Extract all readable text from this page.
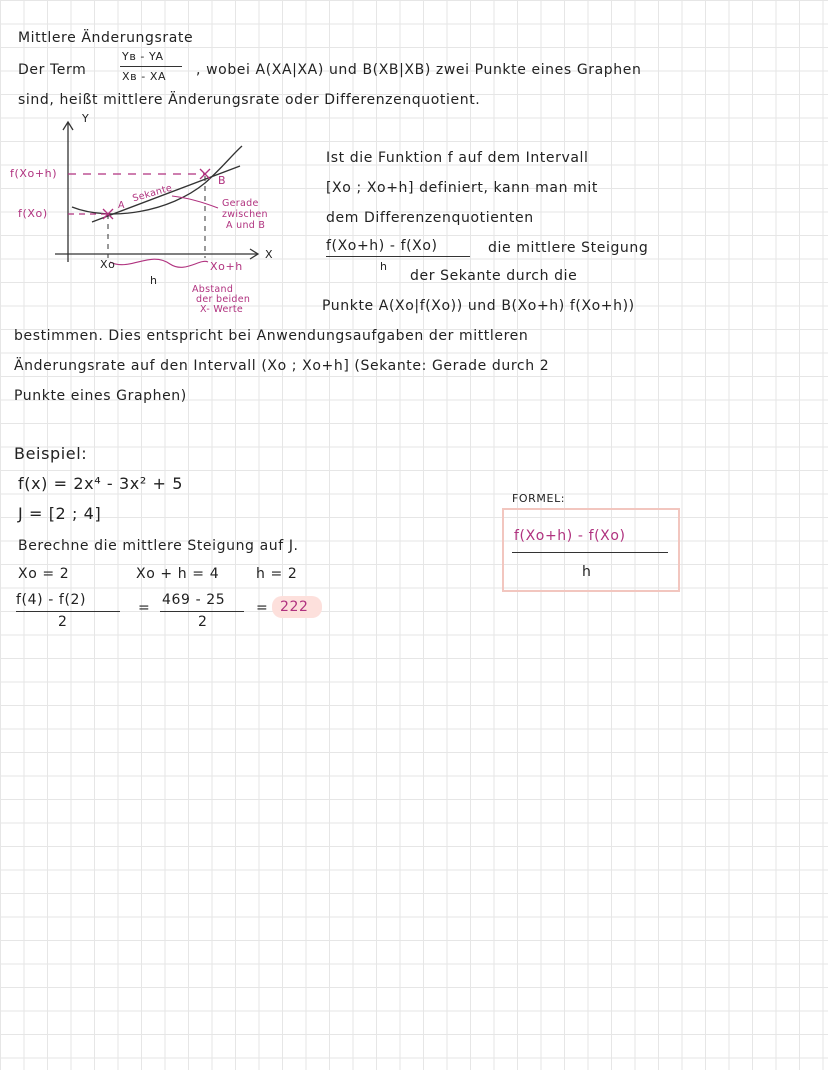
Mittlere Änderungsrate
Der Term
Yʙ - YA
Xʙ - XA , wobei A(XA|XA) und B(XB|XB) zwei Punkte eines Graphen
sind, heißt mittlere Änderungsrate oder Differenzenquotient.
Y
X
f(Xo+h)
f(Xo)
Xo	Xo+h
h
B
A
Sekante	Gerade
zwischen
A und B
Abstand
der beiden
X- Werte
Ist die Funktion f auf dem Intervall
[Xo ; Xo+h] definiert, kann man mit
dem Differenzenquotienten
f(Xo+h) - f(Xo)
h
die mittlere Steigung
der Sekante durch die
Punkte A(Xo|f(Xo)) und B(Xo+h) f(Xo+h))
bestimmen. Dies entspricht bei Anwendungsaufgaben der mittleren
Änderungsrate auf den Intervall (Xo ; Xo+h] (Sekante: Gerade durch 2
Punkte eines Graphen)
Beispiel:
f(x) = 2x⁴ - 3x² + 5
J = [2 ; 4]
Berechne die mittlere Steigung auf J.
Xo = 2	Xo + h = 4	h = 2
f(4) - f(2)
2
= 469 - 25
2
= 222
FORMEL:
f(Xo+h) - f(Xo)
h
